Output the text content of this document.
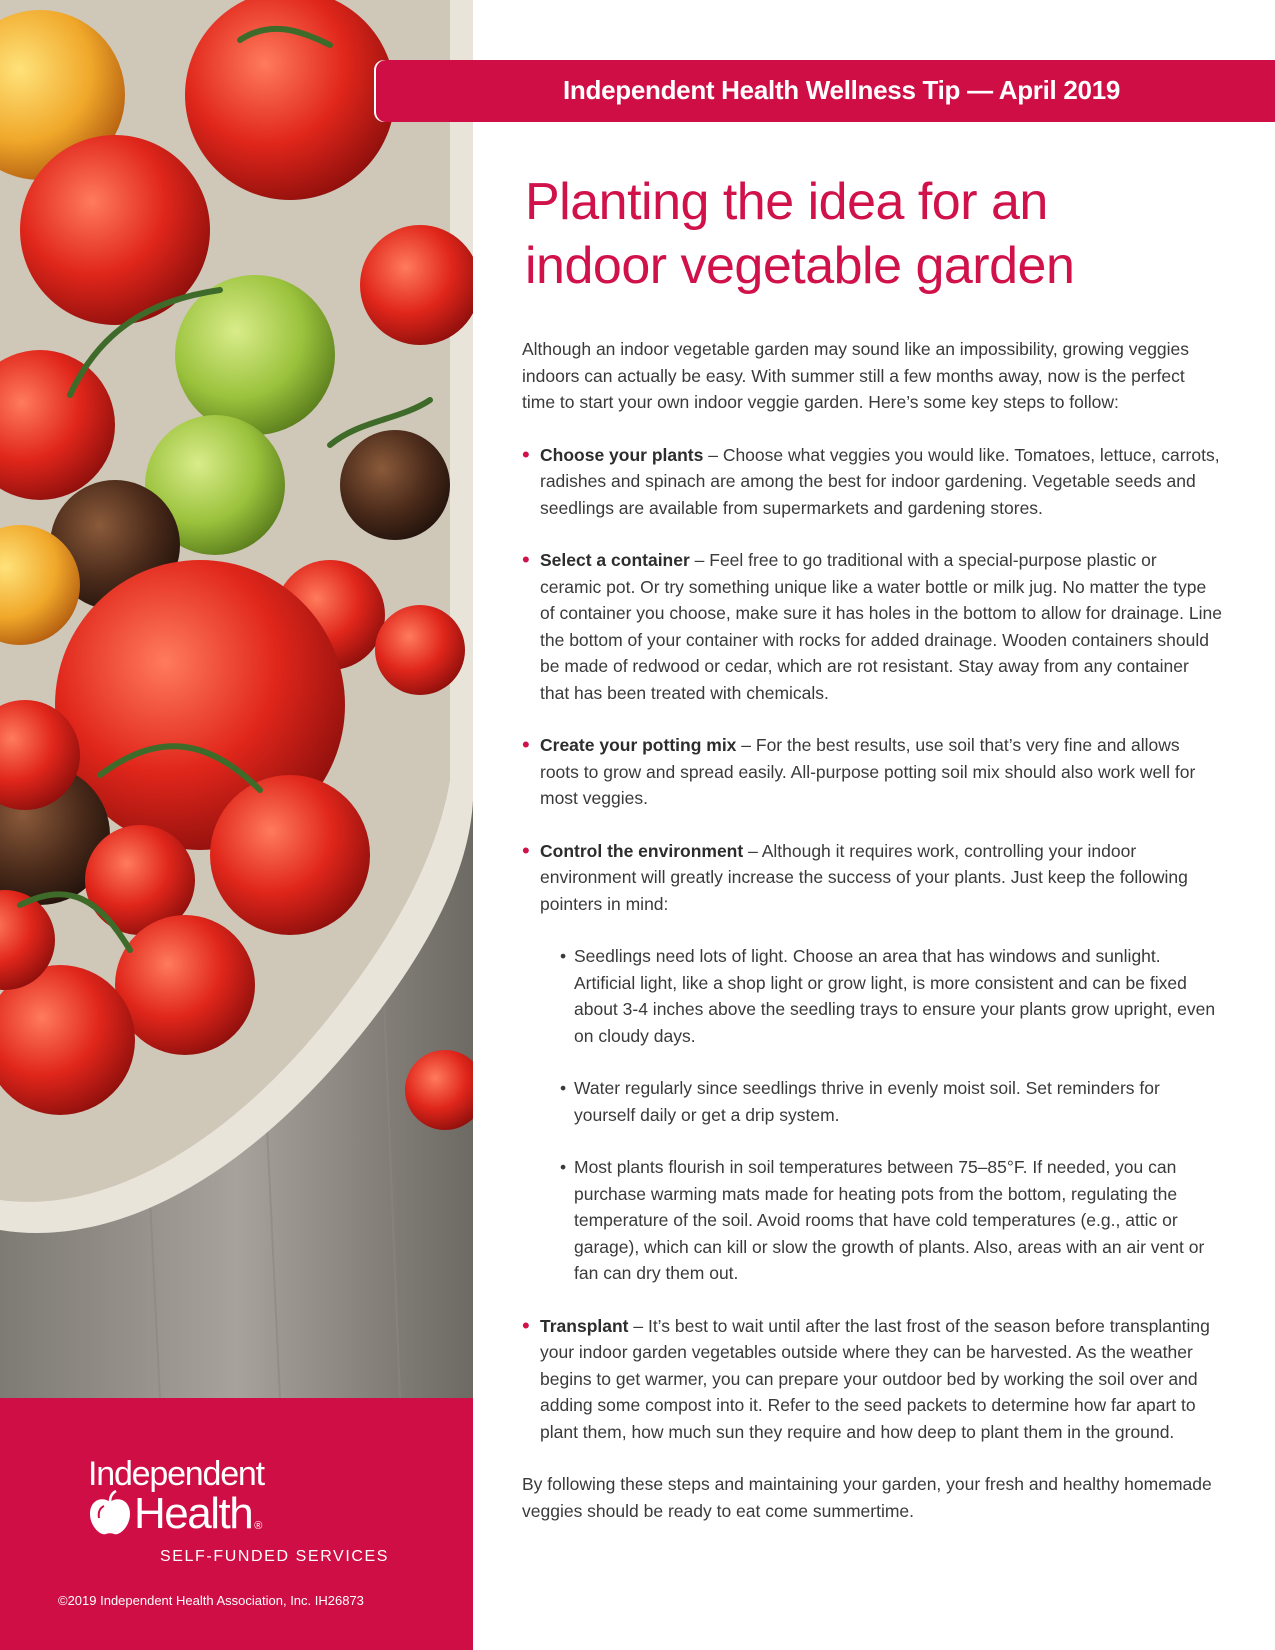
Independent
Health ®
SELF-FUNDED SERVICES
©2019 Independent Health Association, Inc. IH26873
Independent Health Wellness Tip — April 2019
Planting the idea for an
indoor vegetable garden

Although an indoor vegetable garden may sound like an impossibility, growing veggies indoors can actually be easy. With summer still a few months away, now is the perfect time to start your own indoor veggie garden. Here’s some key steps to follow:

• Choose your plants – Choose what veggies you would like. Tomatoes, lettuce, carrots, radishes and spinach are among the best for indoor gardening. Vegetable seeds and seedlings are available from supermarkets and gardening stores.
• Select a container – Feel free to go traditional with a special-purpose plastic or ceramic pot. Or try something unique like a water bottle or milk jug. No matter the type of container you choose, make sure it has holes in the bottom to allow for drainage. Line the bottom of your container with rocks for added drainage. Wooden containers should be made of redwood or cedar, which are rot resistant. Stay away from any container that has been treated with chemicals.
• Create your potting mix – For the best results, use soil that’s very fine and allows roots to grow and spread easily. All-purpose potting soil mix should also work well for most veggies.
• Control the environment – Although it requires work, controlling your indoor environment will greatly increase the success of your plants. Just keep the following pointers in mind:
• Seedlings need lots of light. Choose an area that has windows and sunlight. Artificial light, like a shop light or grow light, is more consistent and can be fixed about 3-4 inches above the seedling trays to ensure your plants grow upright, even on cloudy days.
• Water regularly since seedlings thrive in evenly moist soil. Set reminders for yourself daily or get a drip system.
• Most plants flourish in soil temperatures between 75–85°F. If needed, you can purchase warming mats made for heating pots from the bottom, regulating the temperature of the soil. Avoid rooms that have cold temperatures (e.g., attic or garage), which can kill or slow the growth of plants. Also, areas with an air vent or fan can dry them out.
• Transplant – It’s best to wait until after the last frost of the season before transplanting your indoor garden vegetables outside where they can be harvested. As the weather begins to get warmer, you can prepare your outdoor bed by working the soil over and adding some compost into it. Refer to the seed packets to determine how far apart to plant them, how much sun they require and how deep to plant them in the ground.

By following these steps and maintaining your garden, your fresh and healthy homemade veggies should be ready to eat come summertime.
